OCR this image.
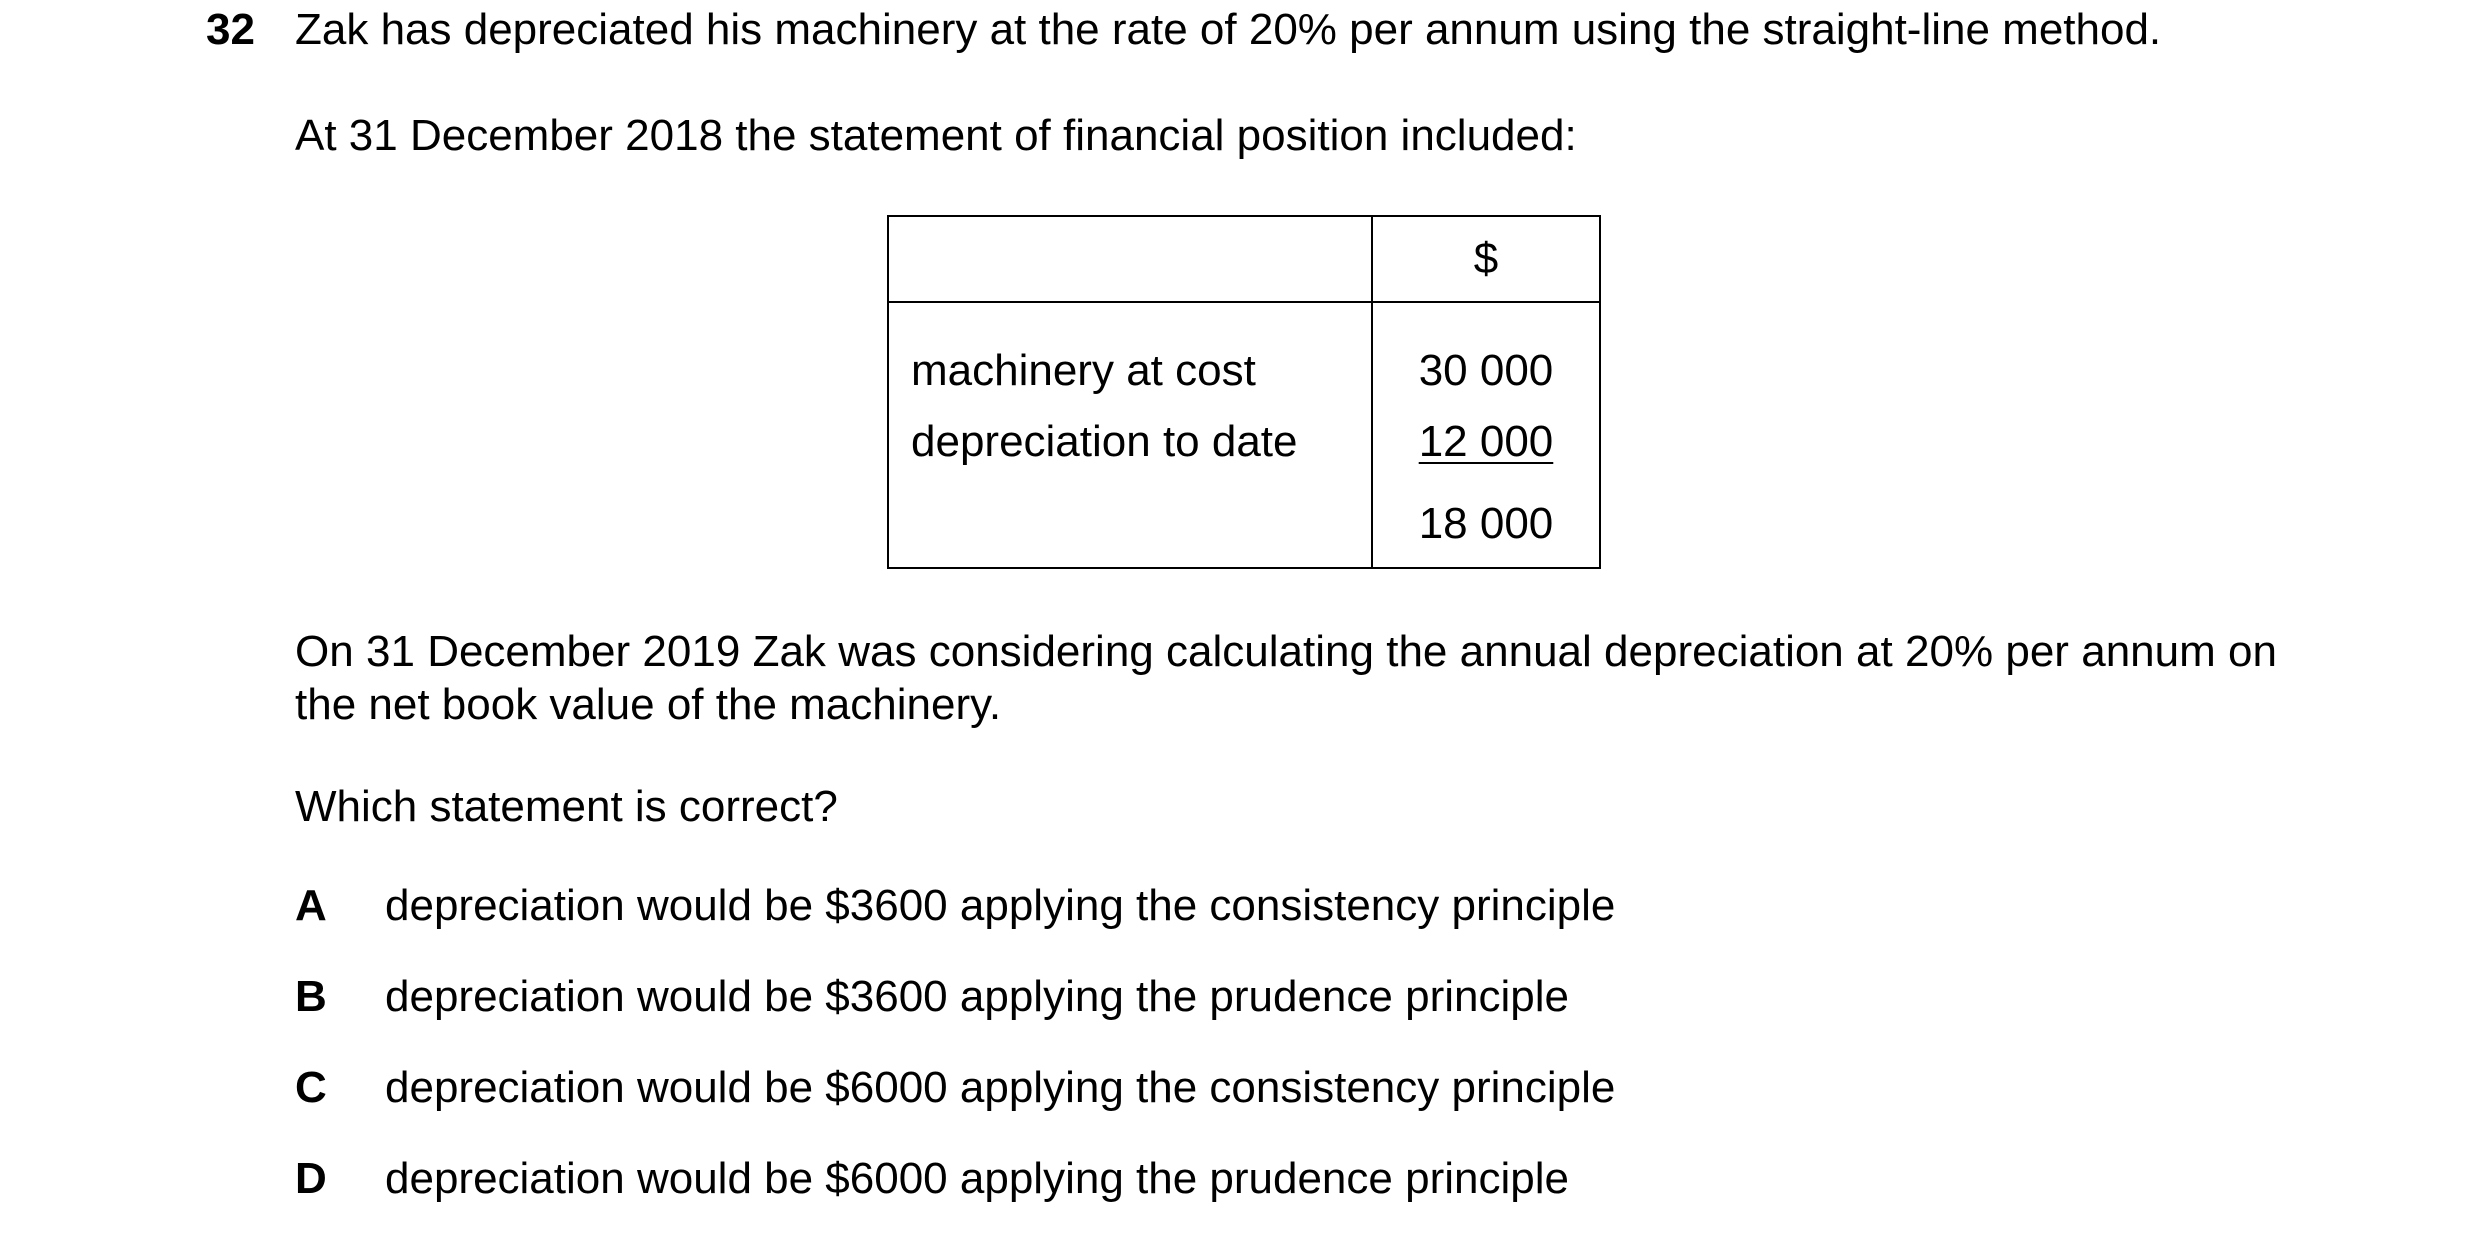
32 Zak has depreciated his machinery at the rate of 20% per annum using the straight-line method.
At 31 December 2018 the statement of financial position included:
	$
machinery at cost	30 000
depreciation to date	12 000
	18 000
On 31 December 2019 Zak was considering calculating the annual depreciation at 20% per annum on the net book value of the machinery.
Which statement is correct?
A depreciation would be $3600 applying the consistency principle
B depreciation would be $3600 applying the prudence principle
C depreciation would be $6000 applying the consistency principle
D depreciation would be $6000 applying the prudence principle
